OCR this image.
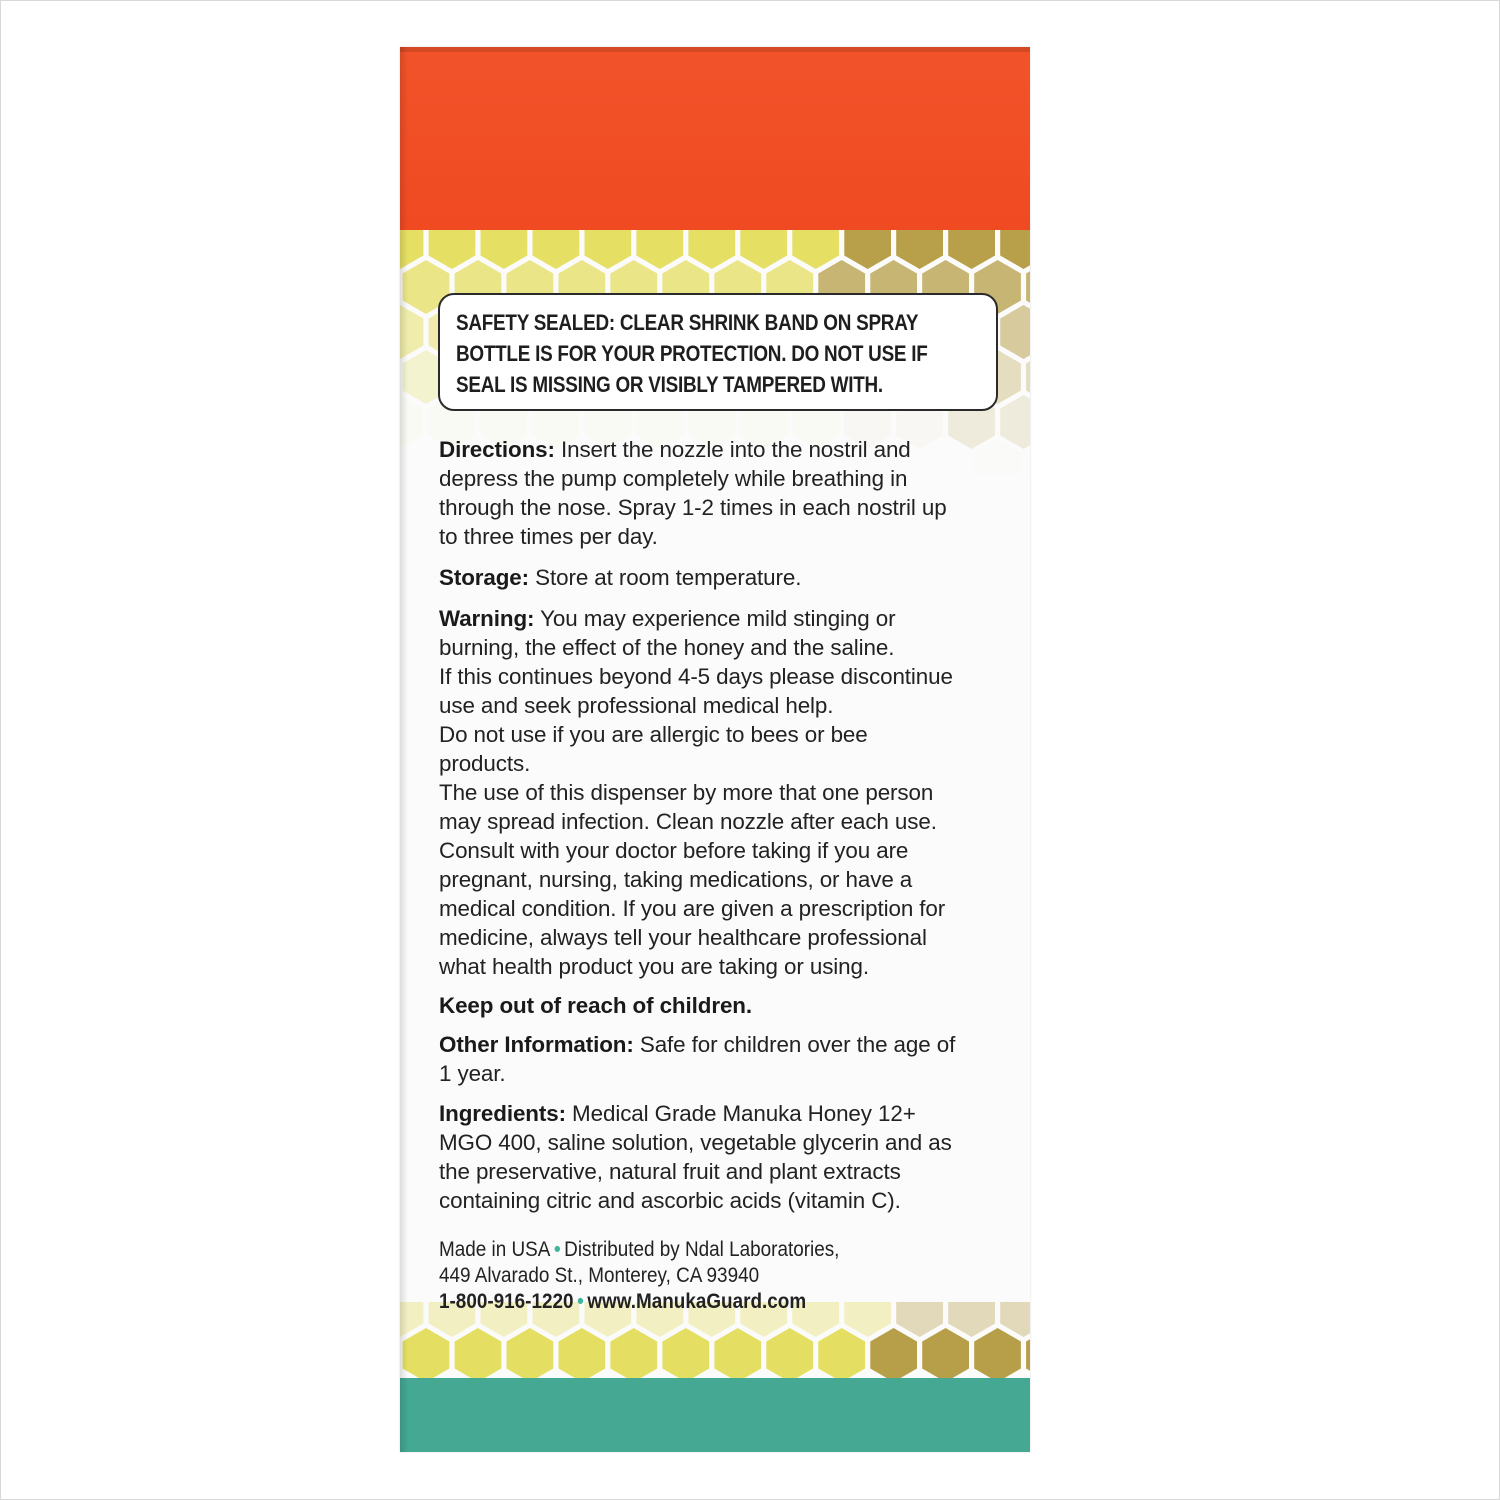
SAFETY SEALED: CLEAR SHRINK BAND ON SPRAY
BOTTLE IS FOR YOUR PROTECTION. DO NOT USE IF
SEAL IS MISSING OR VISIBLY TAMPERED WITH.
Directions: Insert the nozzle into the nostril and
depress the pump completely while breathing in
through the nose. Spray 1-2 times in each nostril up
to three times per day.
Storage: Store at room temperature.
Warning: You may experience mild stinging or
burning, the effect of the honey and the saline.
If this continues beyond 4-5 days please discontinue
use and seek professional medical help.
Do not use if you are allergic to bees or bee
products.
The use of this dispenser by more that one person
may spread infection. Clean nozzle after each use.
Consult with your doctor before taking if you are
pregnant, nursing, taking medications, or have a
medical condition. If you are given a prescription for
medicine, always tell your healthcare professional
what health product you are taking or using.
Keep out of reach of children.
Other Information: Safe for children over the age of
1 year.
Ingredients: Medical Grade Manuka Honey 12+
MGO 400, saline solution, vegetable glycerin and as
the preservative, natural fruit and plant extracts
containing citric and ascorbic acids (vitamin C).
Made in USA • Distributed by Ndal Laboratories,
449 Alvarado St., Monterey, CA 93940
1-800-916-1220 • www.ManukaGuard.com
